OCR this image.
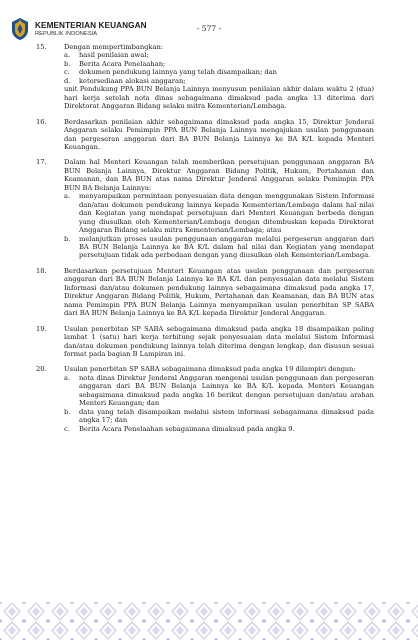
KEMENTERIAN KEUANGAN
REPUBLIK INDONESIA
- 577 -
15.	Dengan mempertimbangkan:
a. hasil penilaian awal;
b. Berita Acara Penelaahan;
c. dokumen pendukung lainnya yang telah disampaikan; dan
d. ketersediaan alokasi anggaran;
unit Pendukung PPA BUN Belanja Lainnya menyusun penilaian akhir dalam waktu 2 (dua) hari kerja setelah nota dinas sebagaimana dimaksud pada angka 13 diterima dari Direktorat Anggaran Bidang selaku mitra Kementerian/Lembaga.
16.	Berdasarkan penilaian akhir sebagaimana dimaksud pada angka 15, Direktur Jenderal Anggaran selaku Pemimpin PPA BUN Belanja Lainnya mengajukan usulan penggunaan dan pergeseran anggaran dari BA BUN Belanja Lainnya ke BA K/L kepada Menteri Keuangan.
17.	Dalam hal Menteri Keuangan telah memberikan persetujuan penggunaan anggaran BA BUN Belanja Lainnya, Direktur Anggaran Bidang Politik, Hukum, Pertahanan dan Keamanan, dan BA BUN atas nama Direktur Jenderal Anggaran selaku Pemimpin PPA BUN BA Belanja Lainnya:
a. menyampaikan permintaan penyesuaian data dengan menggunakan Sistem Informasi dan/atau dokumen pendukung lainnya kepada Kementerian/Lembaga dalam hal nilai dan Kegiatan yang mendapat persetujuan dari Menteri Keuangan berbeda dengan yang diusulkan oleh Kementerian/Lembaga dengan ditembuskan kepada Direktorat Anggaran Bidang selaku mitra Kementerian/Lembaga; atau
b. melanjutkan proses usulan penggunaan anggaran melalui pergeseran anggaran dari BA BUN Belanja Lainnya ke BA K/L dalam hal nilai dan Kegiatan yang mendapat persetujuan tidak ada perbedaan dengan yang diusulkan oleh Kementerian/Lembaga.
18.	Berdasarkan persetujuan Menteri Keuangan atas usulan penggunaan dan pergeseran anggaran dari BA BUN Belanja Lainnya ke BA K/L dan penyesuaian data melalui Sistem Informasi dan/atau dokumen pendukung lainnya sebagaimana dimaksud pada angka 17, Direktur Anggaran Bidang Politik, Hukum, Pertahanan dan Keamanan, dan BA BUN atas nama Pemimpin PPA BUN Belanja Lainnya menyampaikan usulan penerbitan SP SABA dari BA BUN Belanja Lainnya ke BA K/L kepada Direktur Jenderal Anggaran.
19.	Usulan penerbitan SP SABA sebagaimana dimaksud pada angka 18 disampaikan paling lambat 1 (satu) hari kerja terhitung sejak penyesuaian data melalui Sistem Informasi dan/atau dokumen pendukung lainnya telah diterima dengan lengkap, dan disusun sesuai format pada bagian B Lampiran ini.
20.	Usulan penerbitan SP SABA sebagaimana dimaksud pada angka 19 dilampiri dengan:
a. nota dinas Direktur Jenderal Anggaran mengenai usulan penggunaan dan pergeseran anggaran dari BA BUN Belanja Lainnya ke BA K/L kepada Menteri Keuangan sebagaimana dimaksud pada angka 16 berikut dengan persetujuan dan/atau arahan Menteri Keuangan; dan
b. data yang telah disampaikan melalui sistem informasi sebagaimana dimaksud pada angka 17; dan
c. Berita Acara Penelaahan sebagaimana dimaksud pada angka 9.
